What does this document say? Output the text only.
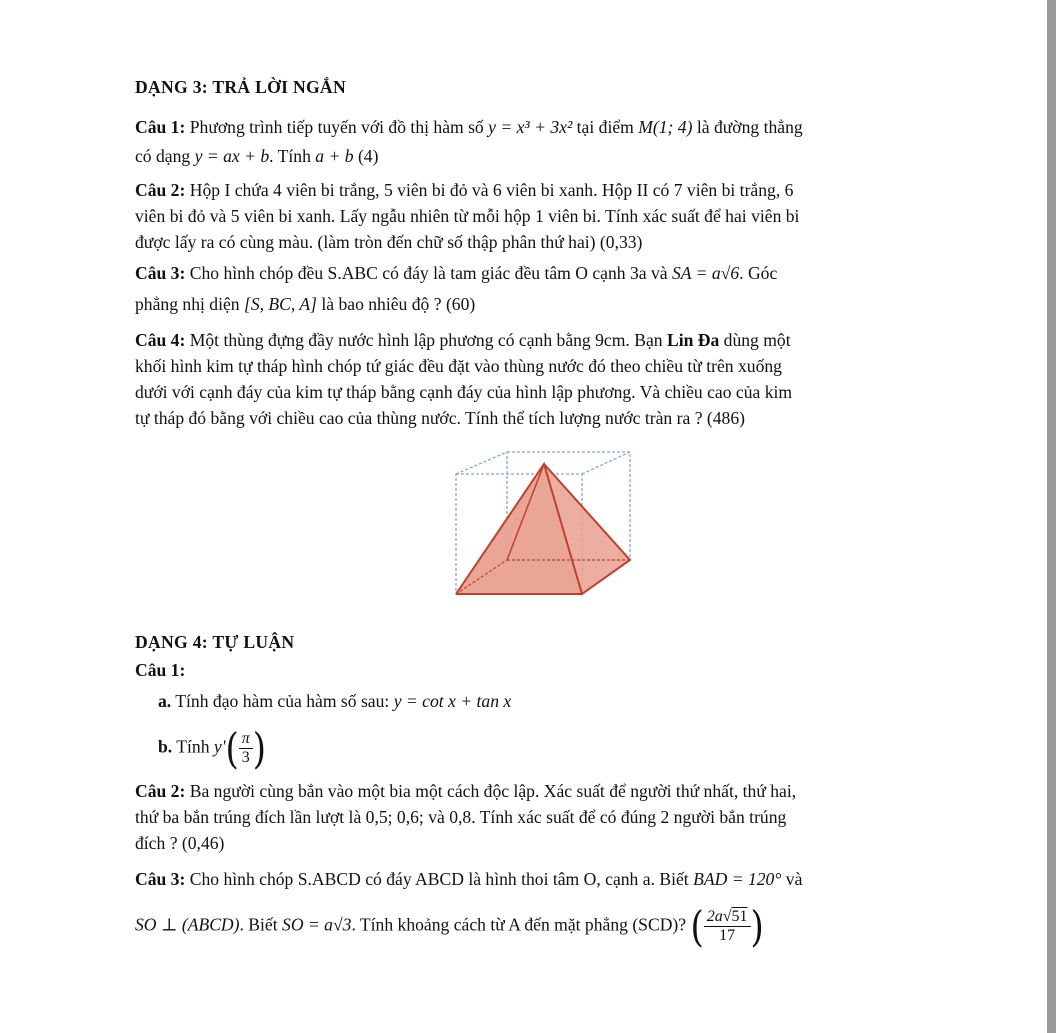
DẠNG 3: TRẢ LỜI NGẮN
Câu 1: Phương trình tiếp tuyến với đồ thị hàm số y = x³ + 3x² tại điểm M(1; 4) là đường thẳng
có dạng y = ax + b. Tính a + b (4)
Câu 2: Hộp I chứa 4 viên bi trắng, 5 viên bi đỏ và 6 viên bi xanh. Hộp II có 7 viên bi trắng, 6
viên bi đỏ và 5 viên bi xanh. Lấy ngẫu nhiên từ mỗi hộp 1 viên bi. Tính xác suất để hai viên bi
được lấy ra có cùng màu. (làm tròn đến chữ số thập phân thứ hai) (0,33)
Câu 3: Cho hình chóp đều S.ABC có đáy là tam giác đều tâm O cạnh 3a và SA = a√6. Góc
phẳng nhị diện [S, BC, A] là bao nhiêu độ ? (60)
Câu 4: Một thùng đựng đầy nước hình lập phương có cạnh bằng 9cm. Bạn Lin Đa dùng một
khối hình kim tự tháp hình chóp tứ giác đều đặt vào thùng nước đó theo chiều từ trên xuống
dưới với cạnh đáy của kim tự tháp bằng cạnh đáy của hình lập phương. Và chiều cao của kim
tự tháp đó bằng với chiều cao của thùng nước. Tính thể tích lượng nước tràn ra ? (486)
DẠNG 4: TỰ LUẬN
Câu 1:
a. Tính đạo hàm của hàm số sau: y = cot x + tan x
b. Tính $y'( \frac{\pi}{3}$ )
Câu 2: Ba người cùng bắn vào một bia một cách độc lập. Xác suất để người thứ nhất, thứ hai,
thứ ba bắn trúng đích lần lượt là 0,5; 0,6; và 0,8. Tính xác suất để có đúng 2 người bắn trúng
đích ? (0,46)
Câu 3: Cho hình chóp S.ABCD có đáy ABCD là hình thoi tâm O, cạnh a. Biết BAD = 120° và
SO ⊥ (ABCD). Biết SO = a√3. Tính khoảng cách từ A đến mặt phẳng (SCD)? ( $\frac{2a√51}{17}$ )
